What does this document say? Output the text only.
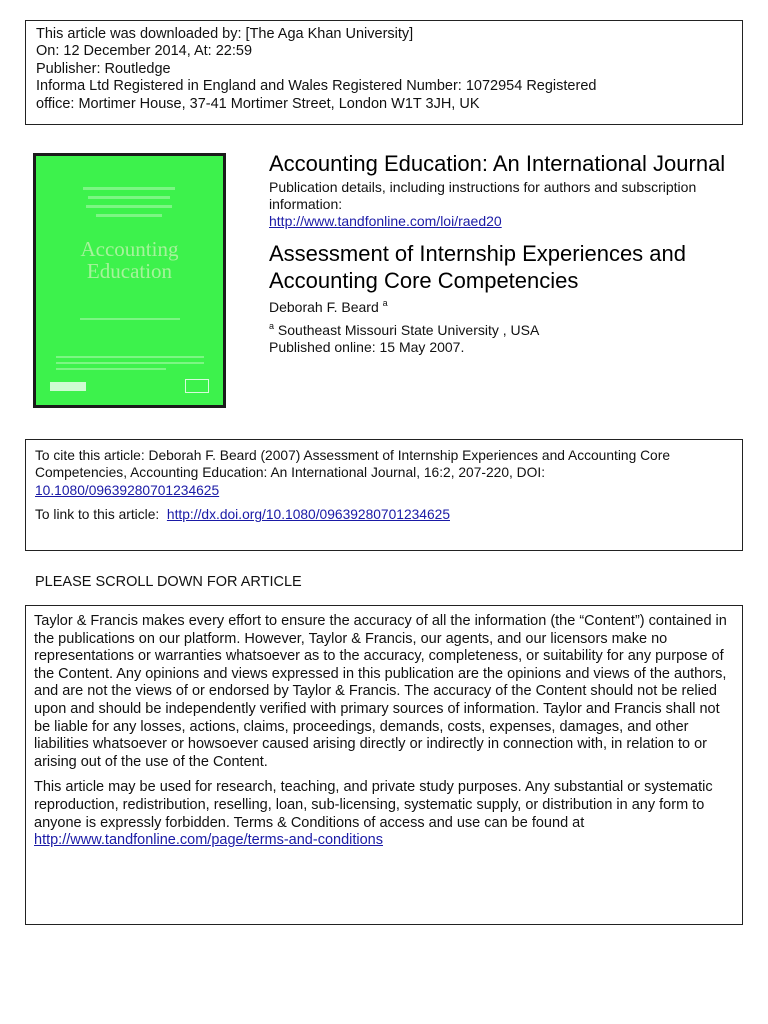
This article was downloaded by: [The Aga Khan University]
On: 12 December 2014, At: 22:59
Publisher: Routledge
Informa Ltd Registered in England and Wales Registered Number: 1072954 Registered
office: Mortimer House, 37-41 Mortimer Street, London W1T 3JH, UK
Accounting
Education
Accounting Education: An International Journal
Publication details, including instructions for authors and subscription information:
http://www.tandfonline.com/loi/raed20
Assessment of Internship Experiences and Accounting Core Competencies
Deborah F. Beard $^a$
$^a$ Southeast Missouri State University , USA
Published online: 15 May 2007.
To cite this article: Deborah F. Beard (2007) Assessment of Internship Experiences and Accounting Core Competencies, Accounting Education: An International Journal, 16:2, 207-220, DOI: 10.1080/09639280701234625
To link to this article: http://dx.doi.org/10.1080/09639280701234625
PLEASE SCROLL DOWN FOR ARTICLE

Taylor & Francis makes every effort to ensure the accuracy of all the information (the “Content”) contained in the publications on our platform. However, Taylor & Francis, our agents, and our licensors make no representations or warranties whatsoever as to the accuracy, completeness, or suitability for any purpose of the Content. Any opinions and views expressed in this publication are the opinions and views of the authors, and are not the views of or endorsed by Taylor & Francis. The accuracy of the Content should not be relied upon and should be independently verified with primary sources of information. Taylor and Francis shall not be liable for any losses, actions, claims, proceedings, demands, costs, expenses, damages, and other liabilities whatsoever or howsoever caused arising directly or indirectly in connection with, in relation to or arising out of the use of the Content.

This article may be used for research, teaching, and private study purposes. Any substantial or systematic reproduction, redistribution, reselling, loan, sub-licensing, systematic supply, or distribution in any form to anyone is expressly forbidden. Terms & Conditions of access and use can be found at http://www.tandfonline.com/page/terms-and-conditions
